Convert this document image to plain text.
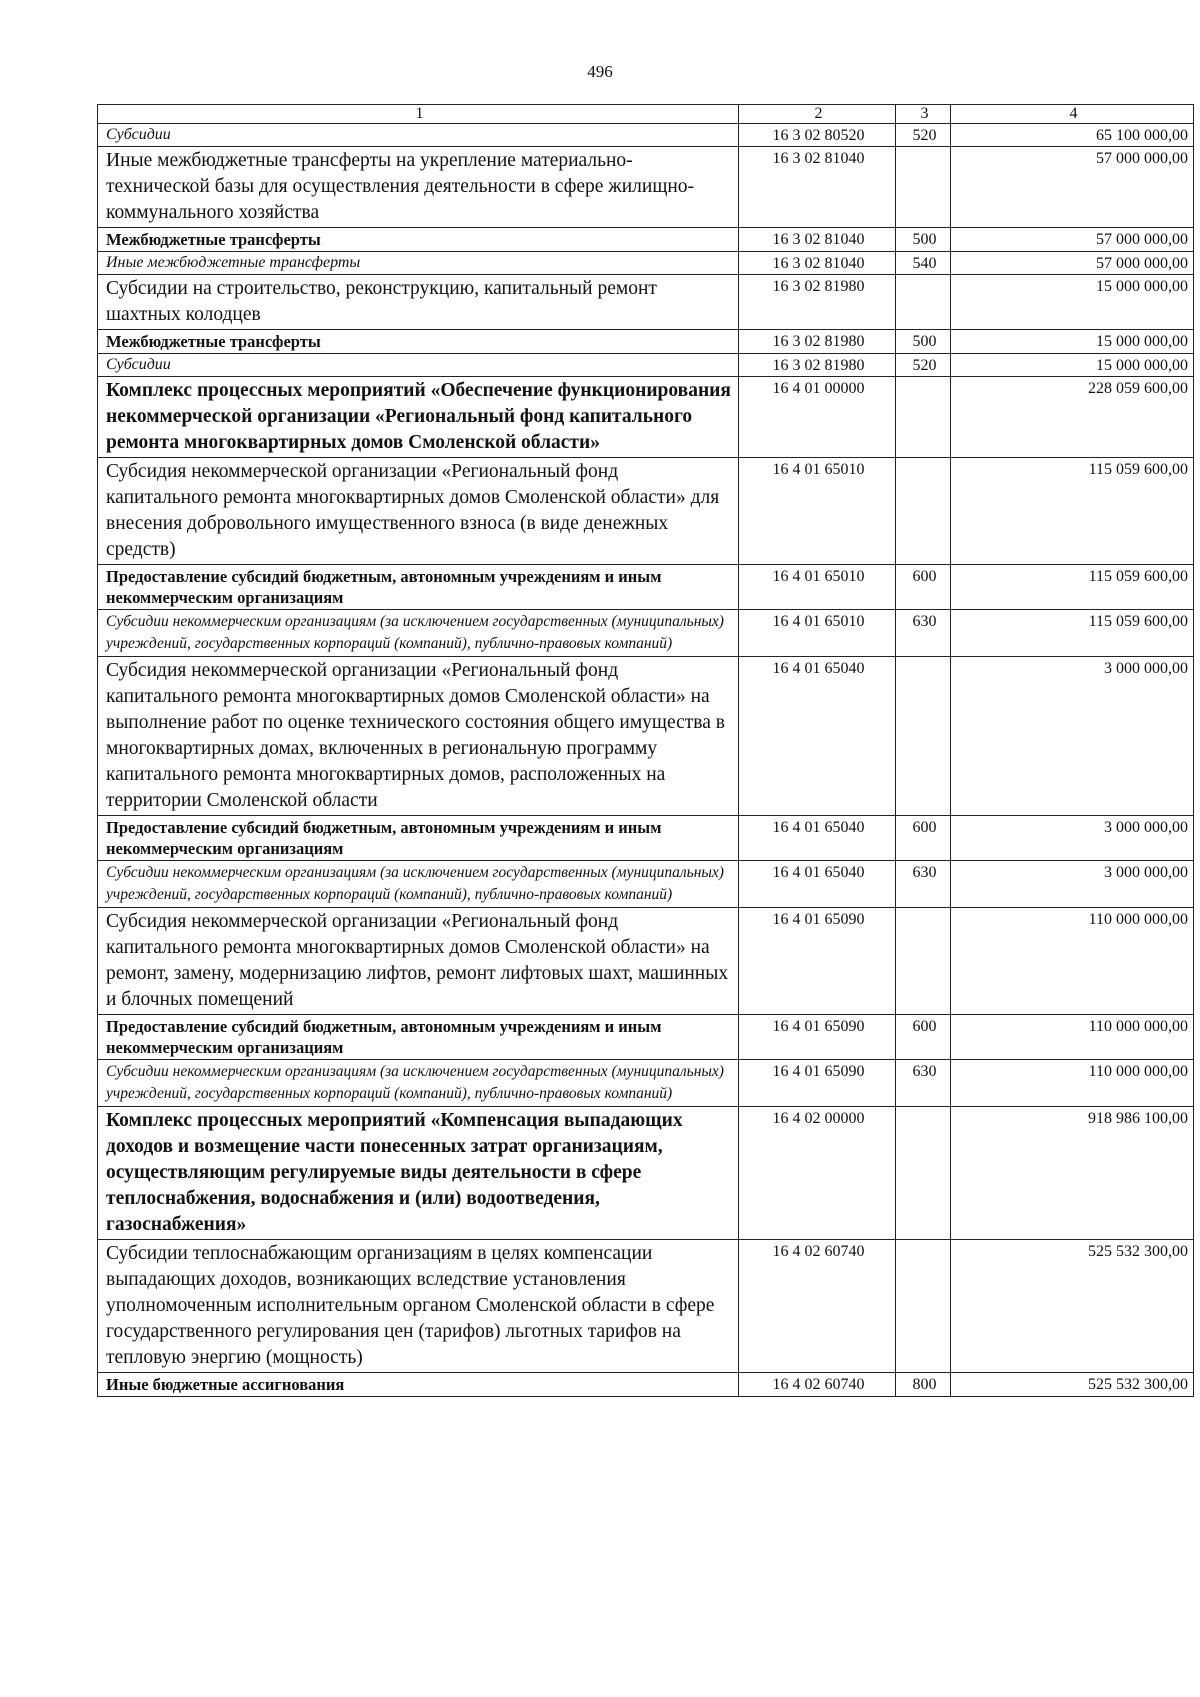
496
1	2	3	4
Субсидии	16 3 02 80520	520	65 100 000,00
Иные межбюджетные трансферты на укрепление материально-технической базы для осуществления деятельности в сфере жилищно-коммунального хозяйства	16 3 02 81040		57 000 000,00
Межбюджетные трансферты	16 3 02 81040	500	57 000 000,00
Иные межбюджетные трансферты	16 3 02 81040	540	57 000 000,00
Субсидии на строительство, реконструкцию, капитальный ремонт шахтных колодцев	16 3 02 81980		15 000 000,00
Межбюджетные трансферты	16 3 02 81980	500	15 000 000,00
Субсидии	16 3 02 81980	520	15 000 000,00
Комплекс процессных мероприятий «Обеспечение функционирования некоммерческой организации «Региональный фонд капитального ремонта многоквартирных домов Смоленской области»	16 4 01 00000		228 059 600,00
Субсидия некоммерческой организации «Региональный фонд капитального ремонта многоквартирных домов Смоленской области» для внесения добровольного имущественного взноса (в виде денежных средств)	16 4 01 65010		115 059 600,00
Предоставление субсидий бюджетным, автономным учреждениям и иным некоммерческим организациям	16 4 01 65010	600	115 059 600,00
Субсидии некоммерческим организациям (за исключением государственных (муниципальных) учреждений, государственных корпораций (компаний), публично-правовых компаний)	16 4 01 65010	630	115 059 600,00
Субсидия некоммерческой организации «Региональный фонд капитального ремонта многоквартирных домов Смоленской области» на выполнение работ по оценке технического состояния общего имущества в многоквартирных домах, включенных в региональную программу капитального ремонта многоквартирных домов, расположенных на территории Смоленской области	16 4 01 65040		3 000 000,00
Предоставление субсидий бюджетным, автономным учреждениям и иным некоммерческим организациям	16 4 01 65040	600	3 000 000,00
Субсидии некоммерческим организациям (за исключением государственных (муниципальных) учреждений, государственных корпораций (компаний), публично-правовых компаний)	16 4 01 65040	630	3 000 000,00
Субсидия некоммерческой организации «Региональный фонд капитального ремонта многоквартирных домов Смоленской области» на ремонт, замену, модернизацию лифтов, ремонт лифтовых шахт, машинных и блочных помещений	16 4 01 65090		110 000 000,00
Предоставление субсидий бюджетным, автономным учреждениям и иным некоммерческим организациям	16 4 01 65090	600	110 000 000,00
Субсидии некоммерческим организациям (за исключением государственных (муниципальных) учреждений, государственных корпораций (компаний), публично-правовых компаний)	16 4 01 65090	630	110 000 000,00
Комплекс процессных мероприятий «Компенсация выпадающих доходов и возмещение части понесенных затрат организациям, осуществляющим регулируемые виды деятельности в сфере теплоснабжения, водоснабжения и (или) водоотведения, газоснабжения»	16 4 02 00000		918 986 100,00
Субсидии теплоснабжающим организациям в целях компенсации выпадающих доходов, возникающих вследствие установления уполномоченным исполнительным органом Смоленской области в сфере государственного регулирования цен (тарифов) льготных тарифов на тепловую энергию (мощность)	16 4 02 60740		525 532 300,00
Иные бюджетные ассигнования	16 4 02 60740	800	525 532 300,00
